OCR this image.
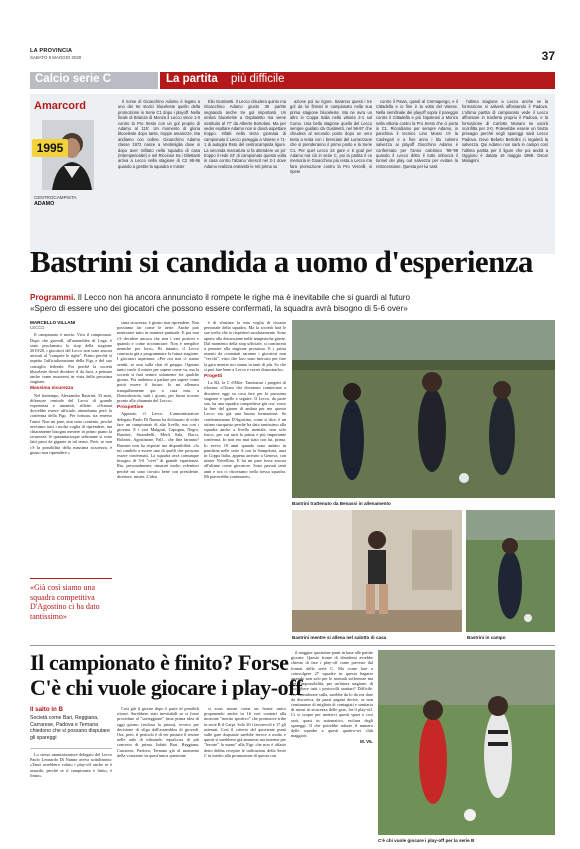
LA PROVINCIA
SABATO 9 MAGGIO 2020	37
Calcio serie C	La partita più difficile
Amarcord
1995
CENTROCAMPISTA
ADAMO

Il nome di Gioacchino Adamo è legato a uno dei tre storici bluceleste quello della promozione in Serie C1 dopo i playoff. Nella finale di Brianza di Monza il Lecco vince 1-0 contro la Pro Sesto con un gol proprio di Adamo al 115'. Un momento di gloria bluceleste dopo tante, troppe amarezze. Ma andiamo con ordine. Gioacchino Adamo classe 1972 nasce a Ventimiglia dove si dopo aver militato nella squadra di casa (Intemperiorale) e nel Riccione tra i Dilettanti arriva a Lecco nella stagione di C2 95-96 quando a gestire la squadra e mister

Elio Gustinetti. Il Lecco chiudera quinto ma Gioacchino Adamo giusto 30 partite segnando anche tre gol importanti. Un ombra bluceleste a Ospitaletto ma viene sostituito al 77' da Alberto Bortolani. Ma per veder esultare Adamo non si dovrà aspettare troppo. Infatti nella terza giornata di campionato il Lecco pareggia a Varese e l'1-1 di autogira Reto del centrocampista ligure. La seconda marcatura si fa attendere un po' troppo il rede 23' di campionato questa volta in casa contro l'alzano Virescit nel 2-1 dove Adamo realizza entrambi le reti prima su

azione poi su rigore. Saranno questi i tre gol da lui firmati in campionato nella sua prima stagione bluceleste. Ma ne avra un altro in Coppa Italia nella vittoria 2-1 sul Como. Una bella stagione quella del Lecco sempre guidato da Gustinetti, nel 96-97 che chiudera al secondo posto dopo un vero testa a testa con i bresciani del Lumezzane che si prenderanno il primo posto e la Serie C1. Per quel Lecco 24 gare e 6 goal per Adamo ma ciò in serie C. poi la partita il ce memoria in Gioacchino più resta a Lecco ma fara promozione contro la Pro Vercelli, si ripete

contro il Pavia, quindi al Cremapergo, e il Cittadella e io fine è la volta del Varese. Nella semifinale dei playoff sopra il pareggio contro il Cittadella e poi l'apoteosi a Monza nella vittoria contro la Pro Sesto che ci porta in C1. Ricordiamo per sempre Adamo, in panchina il tecnico Lino Mussi c'è la Cadregari e a fine anno i blu colsero salvezza ai playoff Giocchino Adamo è confermato per l'anno calcistico '98-'99 quando il Lecco dritto il tutto imbocca il tunnel dei play out salvezza per evitare la retrocessione. Questa per lui sarà

l'ultima stagione a Lecco anche se la formazione si salverà affossando il Padova. L'ultima partita di campionato vede il Lecco affrontare in trasferta proprio il Padova, e la formazione di Carlotto Munaro ne uscirà sconfitta per 2-0. Potevebbe essere un brutto presagio perché negli spareggi sarà Lecco Padova. Dove Bebeto Bertolini ci regalerà la salvezza. Qui Adamo non sarà in campo così l'ultima partita per il ligure che poi andrà a Oggiono è datata 16 maggio 1999. Oscar Malagrini

Bastrini si candida a uomo d'esperienza
Programmi. Il Lecco non ha ancora annunciato il rompete le righe ma è inevitabile che si guardi al futuro
«Spero di essere uno dei giocatori che possono essere confermati, la squadra avrà bisogno di 5-6 over»
MARCELLO VILLANI
LECCO

Il campionato è morto. Viva il campionato. Dopo che giovedì, all'assemblea di Lega, è stato proclamato lo stop della stagione 2019/20, i giocatori del Lecco non sono ancora arrivati al "rompete le righe". Primo perché si aspetta l'ufficializzazione della Figc e del suo consiglio federale. Poi perché la società bluceleste dovrà decidere il da farsi, a pensare anche come muoversi in vista della prossima stagione.

Massima sicurezza

Nel frattempo, Alessandro Bastrini, 33 anni, difensore centrale del Lecco di grande esperienza e umanità, riflette. «Oramai dovrebbe essere ufficiale, attendiamo però la conferma della Figc. Per fortuna, sta emerso l'armi. Non mi pare, non sono contento, perché avevamo tutti i molta voglia di riprendere, ma chiaramente bisogna mettere in primo piano la sicurezza: le quarantacinque settimane si sono fatti passi da gigante in tal senso. Però, se non c'è la possibilità della massima sicurezza, è giusto non riprendere.»

«Già così siamo una squadra competitiva D'Agostino ci ha dato tantissimo»

sima sicurezza, è giusto non riprendere. Non possiamo far come le aerie. Anche può mentorare tutto in maniera puntuale. E poi non c'è decidere ancora che non i vari positivi e quando e come riconinciare. Non è semplice neanche per loro». Ri intanto, il Lecco comincia già a programmare la futura stagione. I giocatori aspettano: «Per ora non ci siamo sentiti, se non sulla chat di gruppo. Ognuno tanto vuole il mister per sapere come va, ma la società si farà sentire solamente fra qualche giorno. Poi andremo a parlare per sapere come potrà essere il futuro. Io mi allenava tranquillamente qui a casa mia, a Domodossola, tutti i giorni, per farmi trovare pronto alla chiamata del Lecco».

Prospettive

Appunto, il Lecco. L'amministratore delegato Paolo Di Nunno ha dichiarato di voler fare un campionato di alto livello, ma con i giovani. E i vari Malgrati, Capogna, Negro, Bastrini, Strambelli, Merli Sala, Bacci, Bolzoni, Agostinone, Fall... che fine faranno? Bastrini non ha risposte ma disponibilità: «Io mi candido a essere uno di quelli che possono essere confermati. La squadra avrà comunque bisogno di 5-6 "over" di grande esperienza. Rio, personalmente, rimarrei molto volentieri perché mi sono trovato bene con presidente, direttore, mister. L'idea

è di sfruttare la mia voglia di riscatto personale della squadra. Ma la società farà le sue scelte che io rispetterò assolutamente. Sono aperto alla discussione nelle tempistiche giuste. Dal momento della stop ufficiale, si comincerà a pensare alla stagione prossima. E i primi assenti da contattati saranno i giocatori non "vecchi", visto che loro sono mercato per fare la gara mentre noi siamo in tanti di più. So che si può fare bene a Lecco e vorrei dimostrarlo».

Progetti

La B2, la C d'Elite. Tantissimi i progetti di riforma: «Chiaro che dovranno cominciare a discutere oggi su cosa fare per la prossima stagione e quelle a seguire. Il Lecco, da parte sua, ha una squadra competitiva già ora: vorso la fine del girone di andata per me questo Lecco era già una buona formazione. Se confermeranno D'Agostino, come si dice, è un ottimo riacquisto perché ha dato tantissimo alla squadra anche a livello mentale, non solo fisico, per cui sarà la prima e più importante conferma. Io non ero mai stato con lui, prima. Io avevo 18 anni quando sono andato in panchina nelle serie A con la Sampdoria, anzi in Coppa Italia, appena arrivato a Genova, con mister Novellino. E lui mi pare fosse ancora all'ultime come giocatore. Sono passati tanti anni e ora ci ritroviamo nella stessa squadra. Mi piacerebbe continuare».

Bastrini trattenuto da Benassi in allenamento
Bastrini mentre si allena nel salotto di casa	Bastrini in campo
Il campionato è finito? Forse
C'è chi vuole giocare i play-off
Il salto in B
Società come Bari, Reggiana, Carrarese, Padova e Ternana chiedono che si possano disputare gli spareggi

Lo stesso amministratore delegato del Lecco Paolo Leonardo Di Nunno aveva sottolineato: «Tanti avrebbero voluto i play-off anche se è assurdo, perché se il campionato è finito, è finito».

Così già il giorno dopo è parte di possibili ritorni. Sarebbero stati inevitabili se si fosse proceduto al "sorteggione" (mia prima idea di oggi giorno (esclusa la prima), ovvero per decisione di sfiga dall'assemblea di giovedì. Ora, però, il pericolo è di ver passare il testare nelle aule di tribunale, equalcosa di più concreto di prima. Infatti Bari, Reggiana, Carrarese, Padova, Ternana già al momento della votazione su quest'unica questione

si sono mosse come un fronte unico proponendo anche in 16 voti contrari alla mozione "merito sportivo" che promuove tribe in serie B il Carpi. Solo 20 i favorevoli e 17 gli astenuti. Così il criterio del quoziente punti sulle gare disputate sarebbe invece a molto e questi si sarebbero già ammessi ma insieme per "ferrare" la mano" alla Figc che non è affatto detto debba recepire le indicazioni della Serie C in merito alla promozione di questa con

il maggior quoziente punti in base alle partite giocate. Questo fronte di dissidenti avrebbe chiesto di fare i play-off come previsto dal format della serie C. Ma come fare a coinvolgere 27 squadre in questa bagarre arrendo non solo per le normali sofferenze ma per l'impossibilità, per un'intera stagione, di accogliere tutti i protocolli sanitari? Difficile. Per considerare sulla, sarebbe da lo da rea dare da discoteca, da pazzi pagani decise, se non continuasse di migliaia di contagiati e sanitario di messi in sicurezza delle gare, fra il play-off. Ci si scopre per metterci questi spazi e così sarà, quasi in automatico, esclusa degli spareggi. Il che potrebbe ridurre il numero delle squadre a questi quattro-sei club maggiori.

M. VIL
C'è chi vuole giocare i play-off per la serie B
